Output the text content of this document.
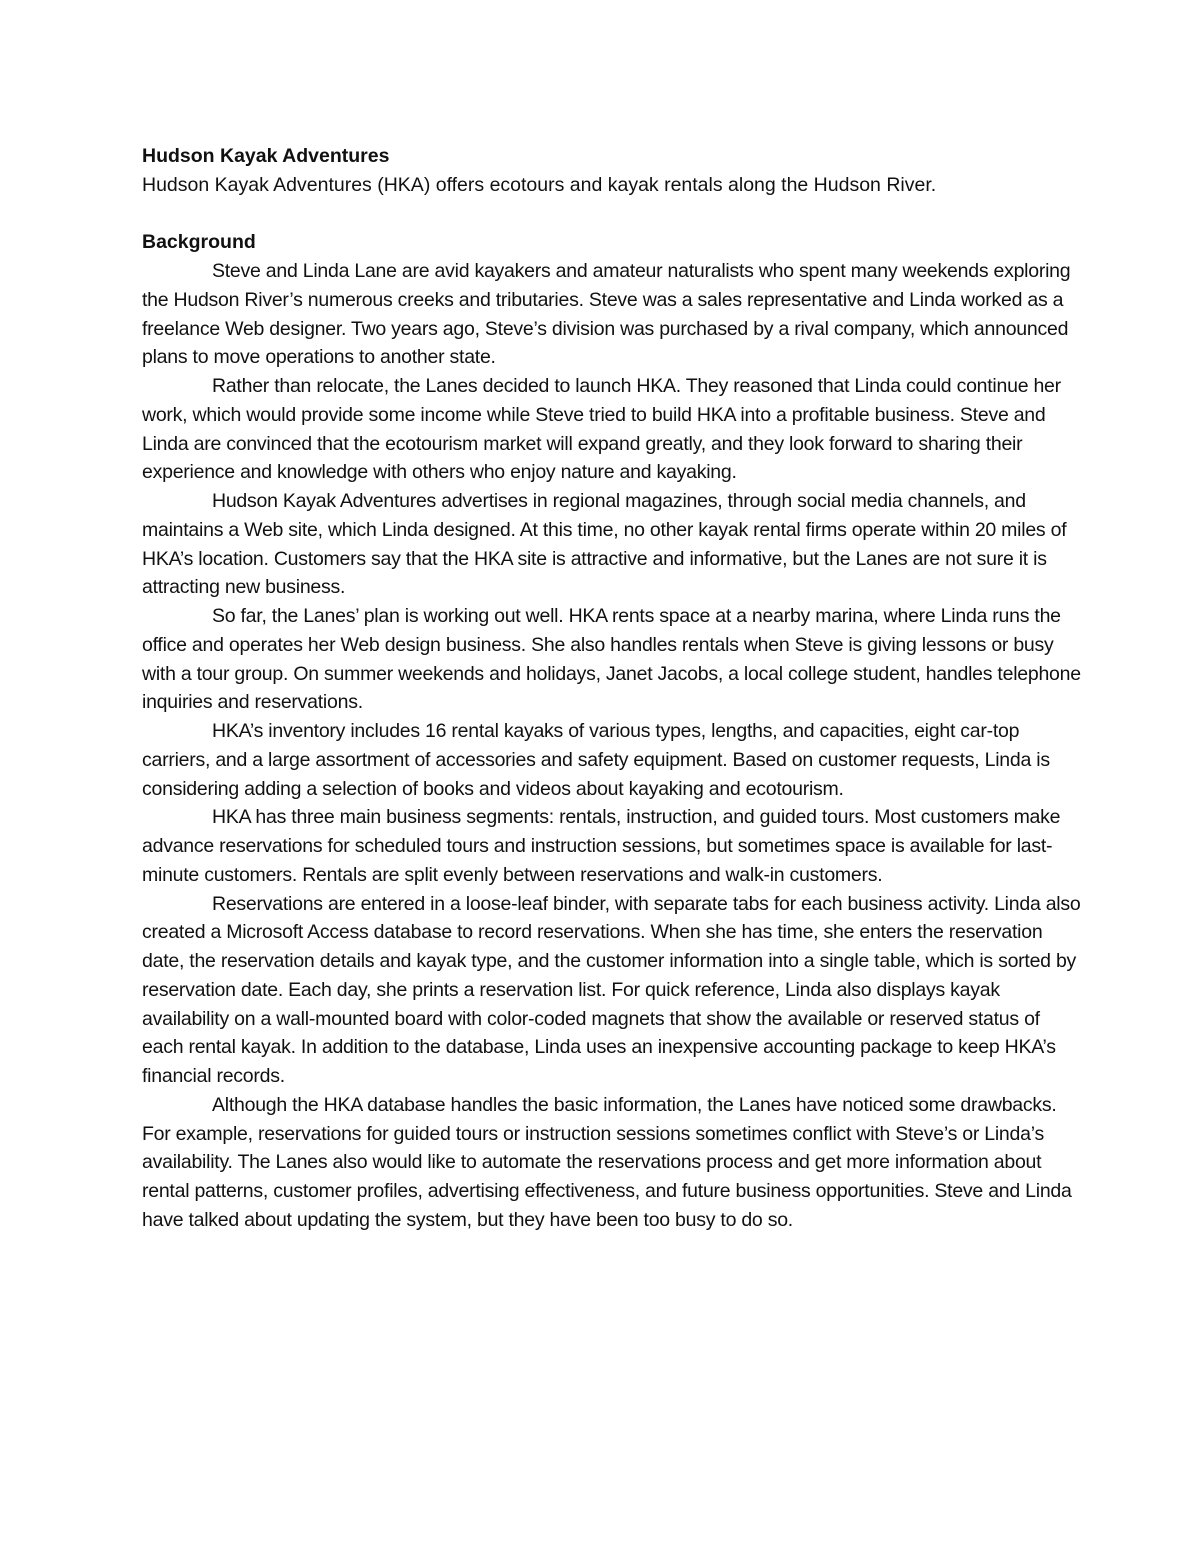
Hudson Kayak Adventures

Hudson Kayak Adventures (HKA) offers ecotours and kayak rentals along the Hudson River.

Background

Steve and Linda Lane are avid kayakers and amateur naturalists who spent many weekends exploring the Hudson River’s numerous creeks and tributaries. Steve was a sales representative and Linda worked as a freelance Web designer. Two years ago, Steve’s division was purchased by a rival company, which announced plans to move operations to another state.

Rather than relocate, the Lanes decided to launch HKA. They reasoned that Linda could continue her work, which would provide some income while Steve tried to build HKA into a profitable business. Steve and Linda are convinced that the ecotourism market will expand greatly, and they look forward to sharing their experience and knowledge with others who enjoy nature and kayaking.

Hudson Kayak Adventures advertises in regional magazines, through social media channels, and maintains a Web site, which Linda designed. At this time, no other kayak rental firms operate within 20 miles of HKA’s location. Customers say that the HKA site is attractive and informative, but the Lanes are not sure it is attracting new business.

So far, the Lanes’ plan is working out well. HKA rents space at a nearby marina, where Linda runs the office and operates her Web design business. She also handles rentals when Steve is giving lessons or busy with a tour group. On summer weekends and holidays, Janet Jacobs, a local college student, handles telephone inquiries and reservations.

HKA’s inventory includes 16 rental kayaks of various types, lengths, and capacities, eight car-top carriers, and a large assortment of accessories and safety equipment. Based on customer requests, Linda is considering adding a selection of books and videos about kayaking and ecotourism.

HKA has three main business segments: rentals, instruction, and guided tours. Most customers make advance reservations for scheduled tours and instruction sessions, but sometimes space is available for last-minute customers. Rentals are split evenly between reservations and walk-in customers.

Reservations are entered in a loose-leaf binder, with separate tabs for each business activity. Linda also created a Microsoft Access database to record reservations. When she has time, she enters the reservation date, the reservation details and kayak type, and the customer information into a single table, which is sorted by reservation date. Each day, she prints a reservation list. For quick reference, Linda also displays kayak availability on a wall-mounted board with color-coded magnets that show the available or reserved status of each rental kayak. In addition to the database, Linda uses an inexpensive accounting package to keep HKA’s financial records.

Although the HKA database handles the basic information, the Lanes have noticed some drawbacks. For example, reservations for guided tours or instruction sessions sometimes conflict with Steve’s or Linda’s availability. The Lanes also would like to automate the reservations process and get more information about rental patterns, customer profiles, advertising effectiveness, and future business opportunities. Steve and Linda have talked about updating the system, but they have been too busy to do so.
